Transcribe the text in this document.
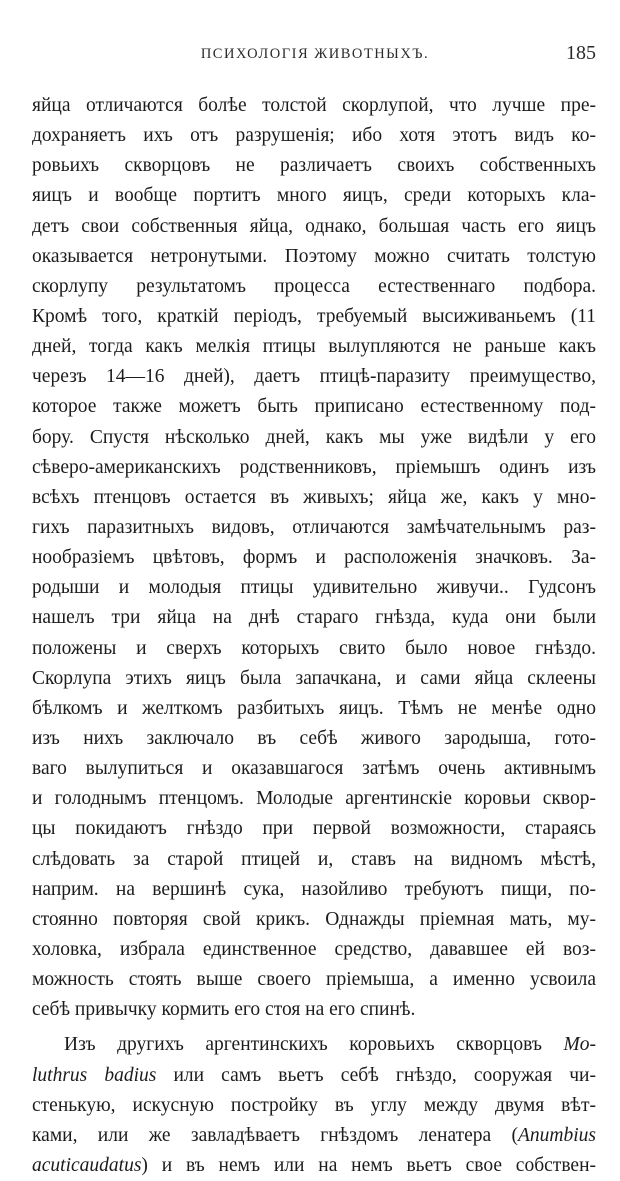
ПСИХОЛОГIЯ ЖИВОТНЫХЪ.	185
яйца отличаются болѣе толстой скорлупой, что лучше пре-
дохраняетъ ихъ отъ разрушенія; ибо хотя этотъ видъ ко-
ровьихъ скворцовъ не различаетъ своихъ собственныхъ
яицъ и вообще портитъ много яицъ, среди которыхъ кла-
детъ свои собственныя яйца, однако, большая часть его яицъ
оказывается нетронутыми. Поэтому можно считать толстую
скорлупу результатомъ процесса естественнаго подбора.
Кромѣ того, краткій періодъ, требуемый высиживаньемъ (11
дней, тогда какъ мелкія птицы вылупляются не раньше какъ
черезъ 14—16 дней), даетъ птицѣ-паразиту преимущество,
которое также можетъ быть приписано естественному под-
бору. Спустя нѣсколько дней, какъ мы уже видѣли у его
сѣверо-американскихъ родственниковъ, пріемышъ одинъ изъ
всѣхъ птенцовъ остается въ живыхъ; яйца же, какъ у мно-
гихъ паразитныхъ видовъ, отличаются замѣчательнымъ раз-
нообразіемъ цвѣтовъ, формъ и расположенія значковъ. За-
родыши и молодыя птицы удивительно живучи.. Гудсонъ
нашелъ три яйца на днѣ стараго гнѣзда, куда они были
положены и сверхъ которыхъ свито было новое гнѣздо.
Скорлупа этихъ яицъ была запачкана, и сами яйца склеены
бѣлкомъ и желткомъ разбитыхъ яицъ. Тѣмъ не менѣе одно
изъ нихъ заключало въ себѣ живого зародыша, гото-
ваго вылупиться и оказавшагося затѣмъ очень активнымъ
и голоднымъ птенцомъ. Молодые аргентинскіе коровьи сквор-
цы покидаютъ гнѣздо при первой возможности, стараясь
слѣдовать за старой птицей и, ставъ на видномъ мѣстѣ,
наприм. на вершинѣ сука, назойливо требуютъ пищи, по-
стоянно повторяя свой крикъ. Однажды пріемная мать, му-
холовка, избрала единственное средство, дававшее ей воз-
можность стоять выше своего пріемыша, а именно усвоила
себѣ привычку кормить его стоя на его спинѣ.
Изъ другихъ аргентинскихъ коровьихъ скворцовъ Mo-
luthrus badius или самъ вьетъ себѣ гнѣздо, сооружая чи-
стенькую, искусную постройку въ углу между двумя вѣт-
ками, или же завладѣваетъ гнѣздомъ ленатера (Anumbius
acuticaudatus) и въ немъ или на немъ вьетъ свое собствен-
